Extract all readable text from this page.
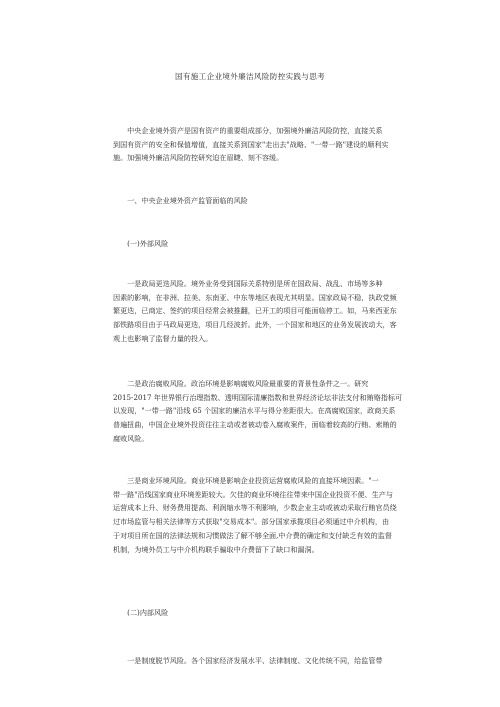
国有施工企业境外廉洁风险防控实践与思考

　　中央企业境外资产是国有资产的重要组成部分，加强境外廉洁风险防控，直接关系
到国有资产的安全和保值增值，直接关系到国家"走出去"战略、"一带一路"建设的顺利实
施。加强境外廉洁风险防控研究迫在眉睫、刻不容缓。

　　一、中央企业境外资产监管面临的风险
　　(一)外部风险

　　一是政局更迭风险。境外业务受到国际关系特别是所在国政局、战乱、市场等多种
因素的影响，在非洲、拉美、东南亚、中东等地区表现尤其明显。国家政局不稳，执政党频
繁更迭，已商定、签约的项目经常会被推翻，已开工的项目可能面临停工。如，马来西亚东
部铁路项目由于马政局更迭，项目几经波折。此外，一个国家和地区的业务发展波动大，客
观上也影响了监督力量的投入。

　　二是政治腐败风险。政治环境是影响腐败风险最重要的背景性条件之一。研究
2015-2017 年世界银行治理指数、透明国际清廉指数和世界经济论坛非法支付和贿赂指标可
以发现，"一带一路"沿线 65 个国家的廉洁水平与得分差距很大。在高腐败国家，政商关系
普遍扭曲，中国企业境外投资往往主动或者被动卷入腐败案件，面临着较高的行贿、索贿的
腐败风险。

　　三是商业环境风险。商业环境是影响企业投资运营腐败风险的直接环境因素。"一
带一路"沿线国家商业环境差距较大。欠佳的商业环境往往带来中国企业投资不便、生产与
运营成本上升、财务费用提高、利润缩水等不利影响，少数企业主动或被动采取行贿官员绕
过市场监管与相关法律等方式获取"交易成本"。部分国家承揽项目必须通过中介机构，由
于对项目所在国的法律法规和习惯做法了解不够全面,中介费的确定和支付缺乏有效的监督
机制，为境外员工与中介机构联手骗取中介费留下了缺口和漏洞。

　　(二)内部风险

　　一是制度脱节风险。各个国家经济发展水平、法律制度、文化传统不同，给监管带
